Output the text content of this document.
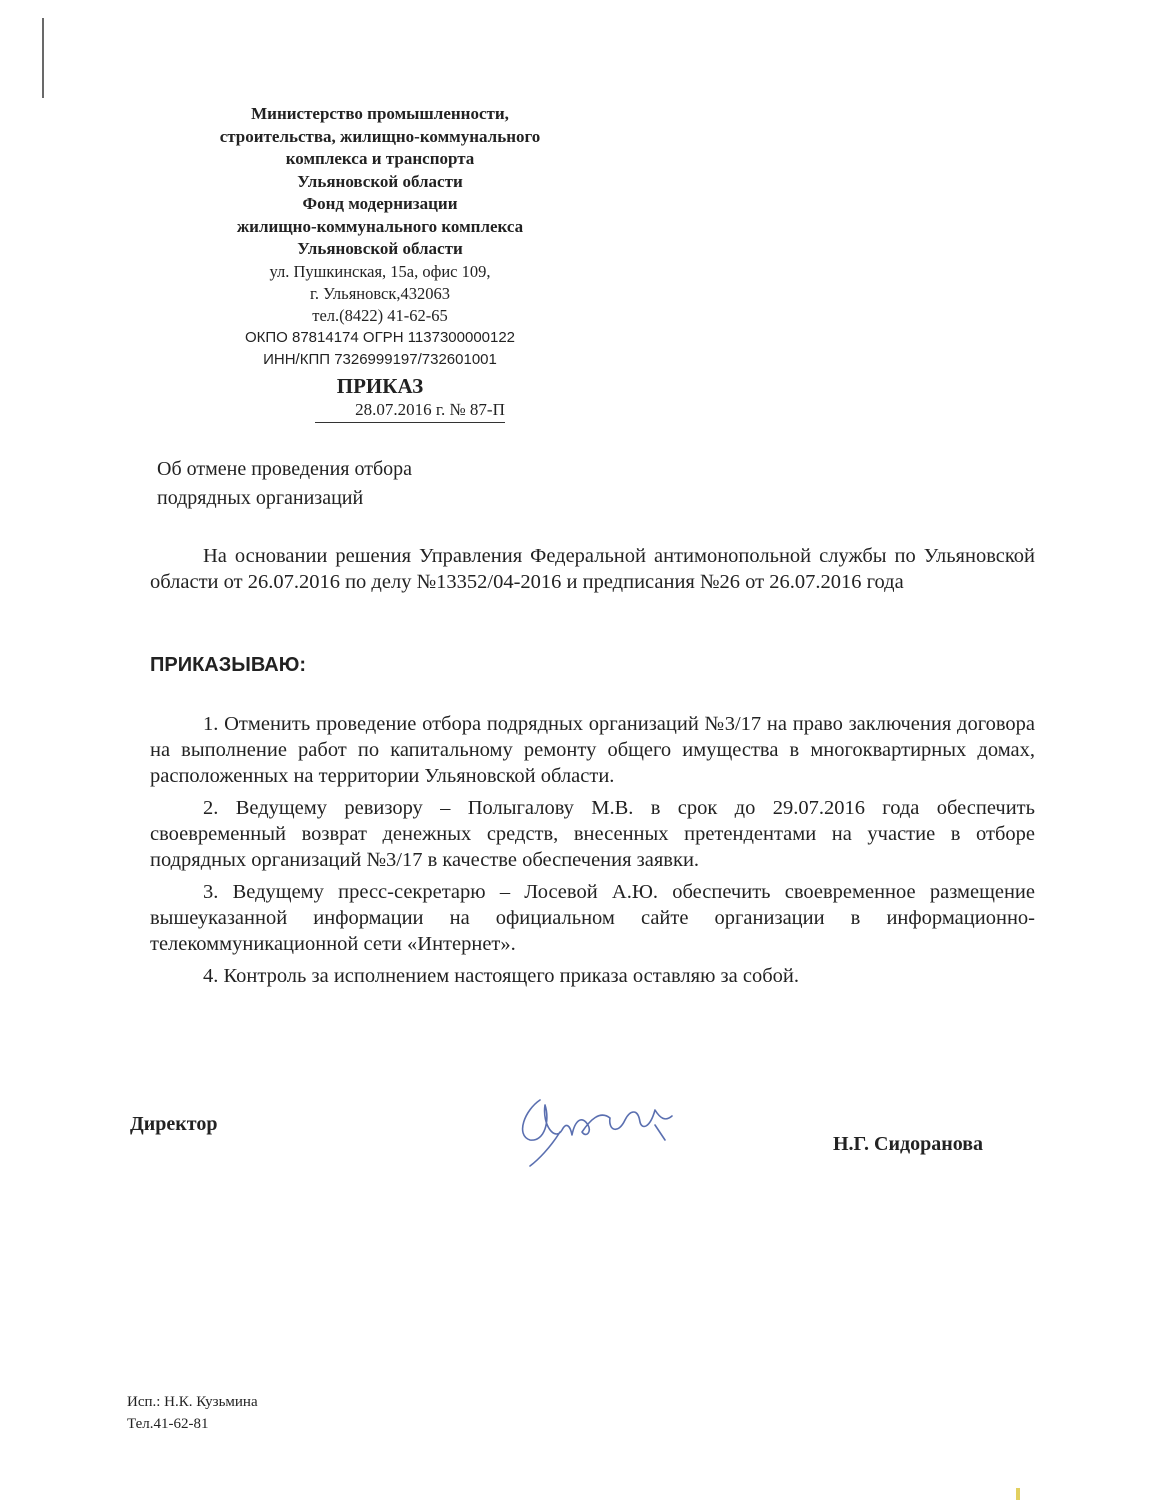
Министерство промышленности,
строительства, жилищно-коммунального
комплекса и транспорта
Ульяновской области
Фонд модернизации
жилищно-коммунального комплекса
Ульяновской области
ул. Пушкинская, 15а, офис 109,
г. Ульяновск,432063
тел.(8422) 41-62-65
ОКПО 87814174 ОГРН 1137300000122
ИНН/КПП 7326999197/732601001
ПРИКАЗ
28.07.2016 г. № 87-П
Об отмене проведения отбора
подрядных организаций

На основании решения Управления Федеральной антимонопольной службы по Ульяновской области от 26.07.2016 по делу №13352/04-2016 и предписания №26 от 26.07.2016 года

ПРИКАЗЫВАЮ:

1. Отменить проведение отбора подрядных организаций №3/17 на право заключения договора на выполнение работ по капитальному ремонту общего имущества в многоквартирных домах, расположенных на территории Ульяновской области.

2. Ведущему ревизору – Полыгалову М.В. в срок до 29.07.2016 года обеспечить своевременный возврат денежных средств, внесенных претендентами на участие в отборе подрядных организаций №3/17 в качестве обеспечения заявки.

3. Ведущему пресс-секретарю – Лосевой А.Ю. обеспечить своевременное размещение вышеуказанной информации на официальном сайте организации в информационно-телекоммуникационной сети «Интернет».

4. Контроль за исполнением настоящего приказа оставляю за собой.

Директор
Н.Г. Сидоранова
Исп.: Н.К. Кузьмина
Тел.41-62-81
